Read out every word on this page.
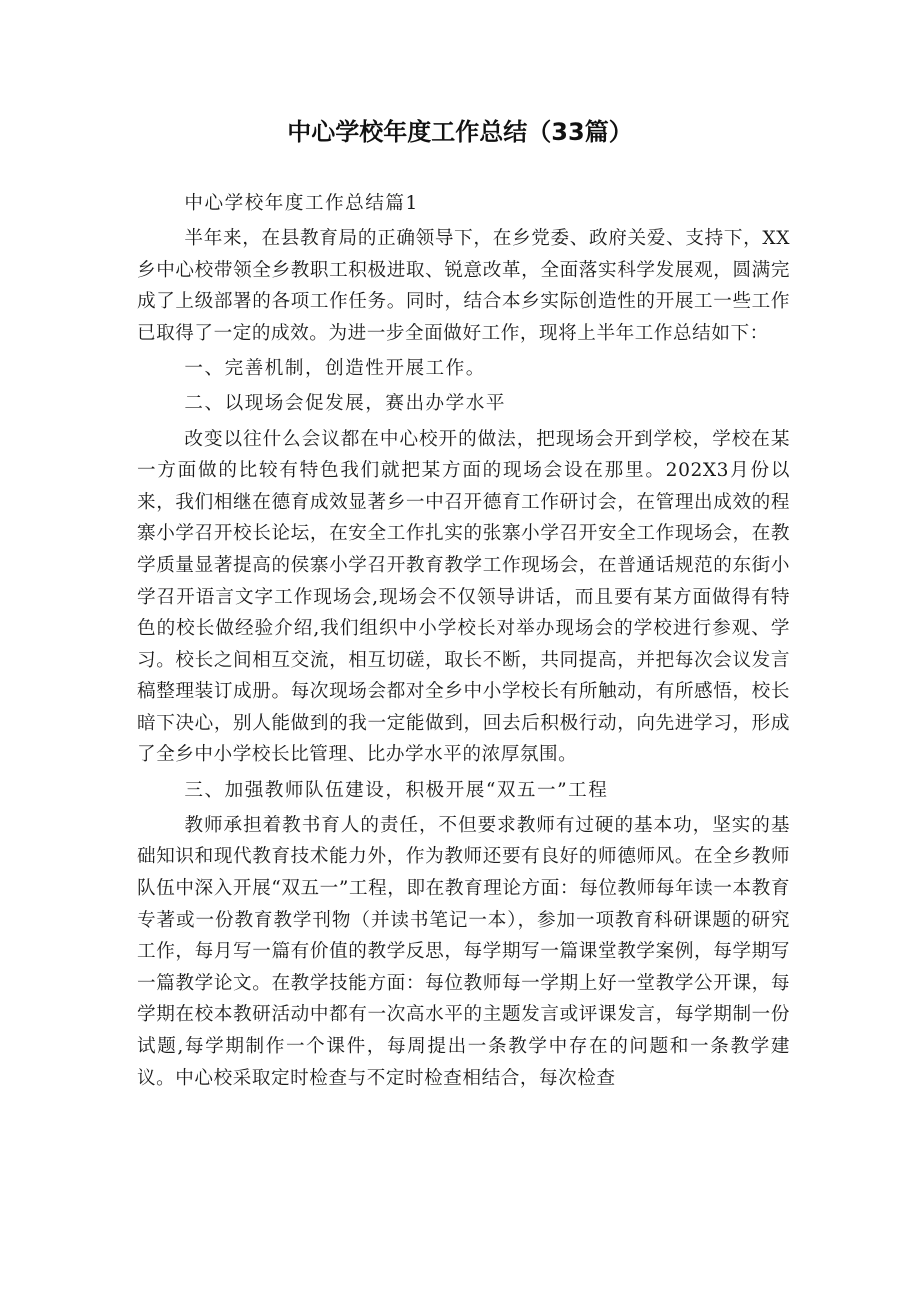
中心学校年度工作总结（33篇）

中心学校年度工作总结篇1

半年来，在县教育局的正确领导下，在乡党委、政府关爱、支持下，XX乡中心校带领全乡教职工积极进取、锐意改革，全面落实科学发展观，圆满完成了上级部署的各项工作任务。同时，结合本乡实际创造性的开展工一些工作已取得了一定的成效。为进一步全面做好工作，现将上半年工作总结如下：

一、完善机制，创造性开展工作。

二、以现场会促发展，赛出办学水平

改变以往什么会议都在中心校开的做法，把现场会开到学校，学校在某一方面做的比较有特色我们就把某方面的现场会设在那里。202X3月份以来，我们相继在德育成效显著乡一中召开德育工作研讨会，在管理出成效的程寨小学召开校长论坛，在安全工作扎实的张寨小学召开安全工作现场会，在教学质量显著提高的侯寨小学召开教育教学工作现场会，在普通话规范的东街小学召开语言文字工作现场会,现场会不仅领导讲话，而且要有某方面做得有特色的校长做经验介绍,我们组织中小学校长对举办现场会的学校进行参观、学习。校长之间相互交流，相互切磋，取长不断，共同提高，并把每次会议发言稿整理装订成册。每次现场会都对全乡中小学校长有所触动，有所感悟，校长暗下决心，别人能做到的我一定能做到，回去后积极行动，向先进学习，形成了全乡中小学校长比管理、比办学水平的浓厚氛围。

三、加强教师队伍建设，积极开展“双五一”工程

教师承担着教书育人的责任，不但要求教师有过硬的基本功，坚实的基础知识和现代教育技术能力外，作为教师还要有良好的师德师风。在全乡教师队伍中深入开展“双五一”工程，即在教育理论方面：每位教师每年读一本教育专著或一份教育教学刊物（并读书笔记一本），参加一项教育科研课题的研究工作，每月写一篇有价值的教学反思，每学期写一篇课堂教学案例，每学期写一篇教学论文。在教学技能方面：每位教师每一学期上好一堂教学公开课，每学期在校本教研活动中都有一次高水平的主题发言或评课发言，每学期制一份试题,每学期制作一个课件，每周提出一条教学中存在的问题和一条教学建议。中心校采取定时检查与不定时检查相结合，每次检查
